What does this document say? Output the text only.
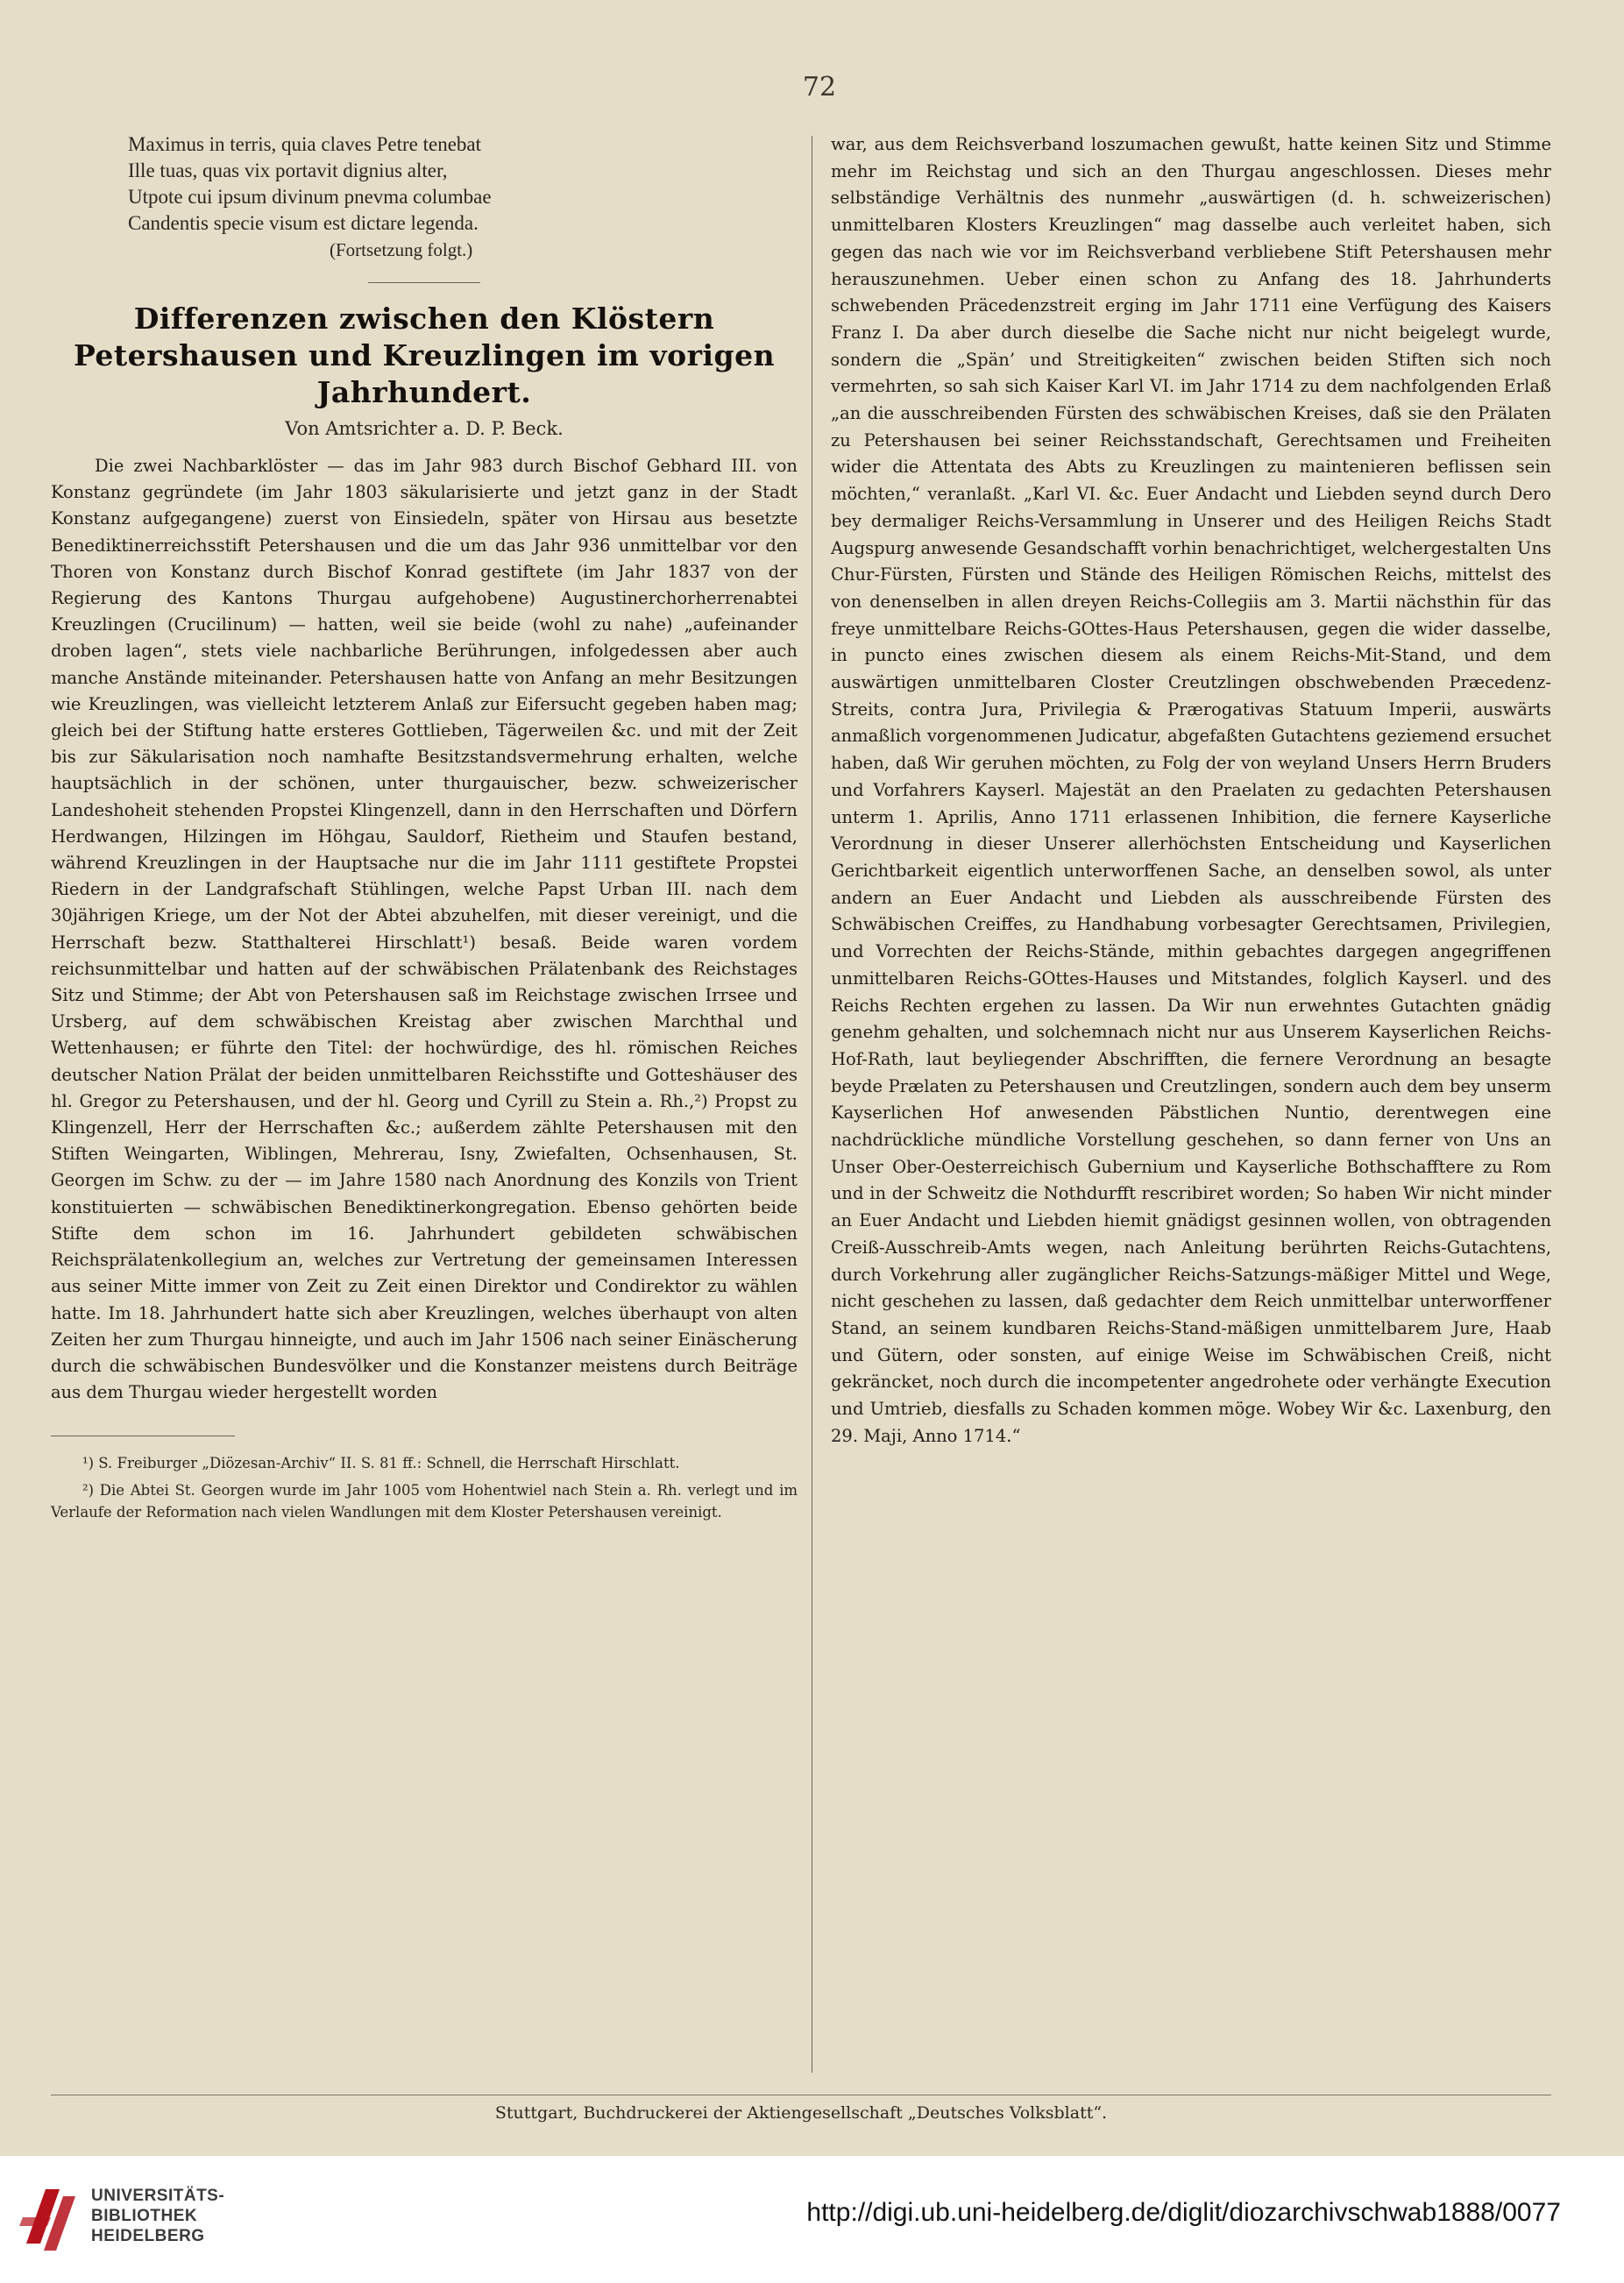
72
Maximus in terris, quia claves Petre tenebat
Ille tuas, quas vix portavit dignius alter,
Utpote cui ipsum divinum pnevma columbae
Candentis specie visum est dictare legenda.
(Fortsetzung folgt.)
Differenzen zwischen den Klöstern Petershausen und Kreuzlingen im vorigen Jahrhundert.
Von Amtsrichter a. D. P. Beck.

Die zwei Nachbarklöster — das im Jahr 983 durch Bischof Gebhard III. von Konstanz gegründete (im Jahr 1803 säkularisierte und jetzt ganz in der Stadt Konstanz aufgegangene) zuerst von Einsiedeln, später von Hirsau aus besetzte Benediktinerreichsstift Petershausen und die um das Jahr 936 unmittelbar vor den Thoren von Konstanz durch Bischof Konrad gestiftete (im Jahr 1837 von der Regierung des Kantons Thurgau aufgehobene) Augustinerchorherrenabtei Kreuzlingen (Crucilinum) — hatten, weil sie beide (wohl zu nahe) „aufeinander droben lagen“, stets viele nachbarliche Berührungen, infolgedessen aber auch manche Anstände miteinander. Petershausen hatte von Anfang an mehr Besitzungen wie Kreuzlingen, was vielleicht letzterem Anlaß zur Eifersucht gegeben haben mag; gleich bei der Stiftung hatte ersteres Gottlieben, Tägerweilen &c. und mit der Zeit bis zur Säkularisation noch namhafte Besitzstandsvermehrung erhalten, welche hauptsächlich in der schönen, unter thurgauischer, bezw. schweizerischer Landeshoheit stehenden Propstei Klingenzell, dann in den Herrschaften und Dörfern Herdwangen, Hilzingen im Höhgau, Sauldorf, Rietheim und Staufen bestand, während Kreuzlingen in der Hauptsache nur die im Jahr 1111 gestiftete Propstei Riedern in der Landgrafschaft Stühlingen, welche Papst Urban III. nach dem 30jährigen Kriege, um der Not der Abtei abzuhelfen, mit dieser vereinigt, und die Herrschaft bezw. Statthalterei Hirschlatt¹) besaß. Beide waren vordem reichsunmittelbar und hatten auf der schwäbischen Prälatenbank des Reichstages Sitz und Stimme; der Abt von Petershausen saß im Reichstage zwischen Irrsee und Ursberg, auf dem schwäbischen Kreistag aber zwischen Marchthal und Wettenhausen; er führte den Titel: der hochwürdige, des hl. römischen Reiches deutscher Nation Prälat der beiden unmittelbaren Reichsstifte und Gotteshäuser des hl. Gregor zu Petershausen, und der hl. Georg und Cyrill zu Stein a. Rh.,²) Propst zu Klingenzell, Herr der Herrschaften &c.; außerdem zählte Petershausen mit den Stiften Weingarten, Wiblingen, Mehrerau, Isny, Zwiefalten, Ochsenhausen, St. Georgen im Schw. zu der — im Jahre 1580 nach Anordnung des Konzils von Trient konstituierten — schwäbischen Benediktinerkongregation. Ebenso gehörten beide Stifte dem schon im 16. Jahrhundert gebildeten schwäbischen Reichsprälatenkollegium an, welches zur Vertretung der gemeinsamen Interessen aus seiner Mitte immer von Zeit zu Zeit einen Direktor und Condirektor zu wählen hatte. Im 18. Jahrhundert hatte sich aber Kreuzlingen, welches überhaupt von alten Zeiten her zum Thurgau hinneigte, und auch im Jahr 1506 nach seiner Einäscherung durch die schwäbischen Bundesvölker und die Konstanzer meistens durch Beiträge aus dem Thurgau wieder hergestellt worden

¹) S. Freiburger „Diözesan-Archiv“ II. S. 81 ff.: Schnell, die Herrschaft Hirschlatt.

²) Die Abtei St. Georgen wurde im Jahr 1005 vom Hohentwiel nach Stein a. Rh. verlegt und im Verlaufe der Reformation nach vielen Wandlungen mit dem Kloster Petershausen vereinigt.

war, aus dem Reichsverband loszumachen gewußt, hatte keinen Sitz und Stimme mehr im Reichstag und sich an den Thurgau angeschlossen. Dieses mehr selbständige Verhältnis des nunmehr „auswärtigen (d. h. schweizerischen) unmittelbaren Klosters Kreuzlingen“ mag dasselbe auch verleitet haben, sich gegen das nach wie vor im Reichsverband verbliebene Stift Petershausen mehr herauszunehmen. Ueber einen schon zu Anfang des 18. Jahrhunderts schwebenden Präcedenzstreit erging im Jahr 1711 eine Verfügung des Kaisers Franz I. Da aber durch dieselbe die Sache nicht nur nicht beigelegt wurde, sondern die „Spän’ und Streitigkeiten“ zwischen beiden Stiften sich noch vermehrten, so sah sich Kaiser Karl VI. im Jahr 1714 zu dem nachfolgenden Erlaß „an die ausschreibenden Fürsten des schwäbischen Kreises, daß sie den Prälaten zu Petershausen bei seiner Reichsstandschaft, Gerechtsamen und Freiheiten wider die Attentata des Abts zu Kreuzlingen zu maintenieren beflissen sein möchten,“ veranlaßt. „Karl VI. &c. Euer Andacht und Liebden seynd durch Dero bey dermaliger Reichs-Versammlung in Unserer und des Heiligen Reichs Stadt Augspurg anwesende Gesandschafft vorhin benachrichtiget, welchergestalten Uns Chur-Fürsten, Fürsten und Stände des Heiligen Römischen Reichs, mittelst des von denenselben in allen dreyen Reichs-Collegiis am 3. Martii nächsthin für das freye unmittelbare Reichs-GOttes-Haus Petershausen, gegen die wider dasselbe, in puncto eines zwischen diesem als einem Reichs-Mit-Stand, und dem auswärtigen unmittelbaren Closter Creutzlingen obschwebenden Præcedenz-Streits, contra Jura, Privilegia & Prærogativas Statuum Imperii, auswärts anmaßlich vorgenommenen Judicatur, abgefaßten Gutachtens geziemend ersuchet haben, daß Wir geruhen möchten, zu Folg der von weyland Unsers Herrn Bruders und Vorfahrers Kayserl. Majestät an den Praelaten zu gedachten Petershausen unterm 1. Aprilis, Anno 1711 erlassenen Inhibition, die fernere Kayserliche Verordnung in dieser Unserer allerhöchsten Entscheidung und Kayserlichen Gerichtbarkeit eigentlich unterworffenen Sache, an denselben sowol, als unter andern an Euer Andacht und Liebden als ausschreibende Fürsten des Schwäbischen Creiffes, zu Handhabung vorbesagter Gerechtsamen, Privilegien, und Vorrechten der Reichs-Stände, mithin gebachtes dargegen angegriffenen unmittelbaren Reichs-GOttes-Hauses und Mitstandes, folglich Kayserl. und des Reichs Rechten ergehen zu lassen. Da Wir nun erwehntes Gutachten gnädig genehm gehalten, und solchemnach nicht nur aus Unserem Kayserlichen Reichs-Hof-Rath, laut beyliegender Abschrifften, die fernere Verordnung an besagte beyde Prælaten zu Petershausen und Creutzlingen, sondern auch dem bey unserm Kayserlichen Hof anwesenden Päbstlichen Nuntio, derentwegen eine nachdrückliche mündliche Vorstellung geschehen, so dann ferner von Uns an Unser Ober-Oesterreichisch Gubernium und Kayserliche Bothschafftere zu Rom und in der Schweitz die Nothdurfft rescribiret worden; So haben Wir nicht minder an Euer Andacht und Liebden hiemit gnädigst gesinnen wollen, von obtragenden Creiß-Ausschreib-Amts wegen, nach Anleitung berührten Reichs-Gutachtens, durch Vorkehrung aller zugänglicher Reichs-Satzungs-mäßiger Mittel und Wege, nicht geschehen zu lassen, daß gedachter dem Reich unmittelbar unterworffener Stand, an seinem kundbaren Reichs-Stand-mäßigen unmittelbarem Jure, Haab und Gütern, oder sonsten, auf einige Weise im Schwäbischen Creiß, nicht gekräncket, noch durch die incompetenter angedrohete oder verhängte Execution und Umtrieb, diesfalls zu Schaden kommen möge. Wobey Wir &c. Laxenburg, den 29. Maji, Anno 1714.“

Stuttgart, Buchdruckerei der Aktiengesellschaft „Deutsches Volksblatt“.
UNIVERSITÄTS-
BIBLIOTHEK
HEIDELBERG
http://digi.ub.uni-heidelberg.de/diglit/diozarchivschwab1888/0077
